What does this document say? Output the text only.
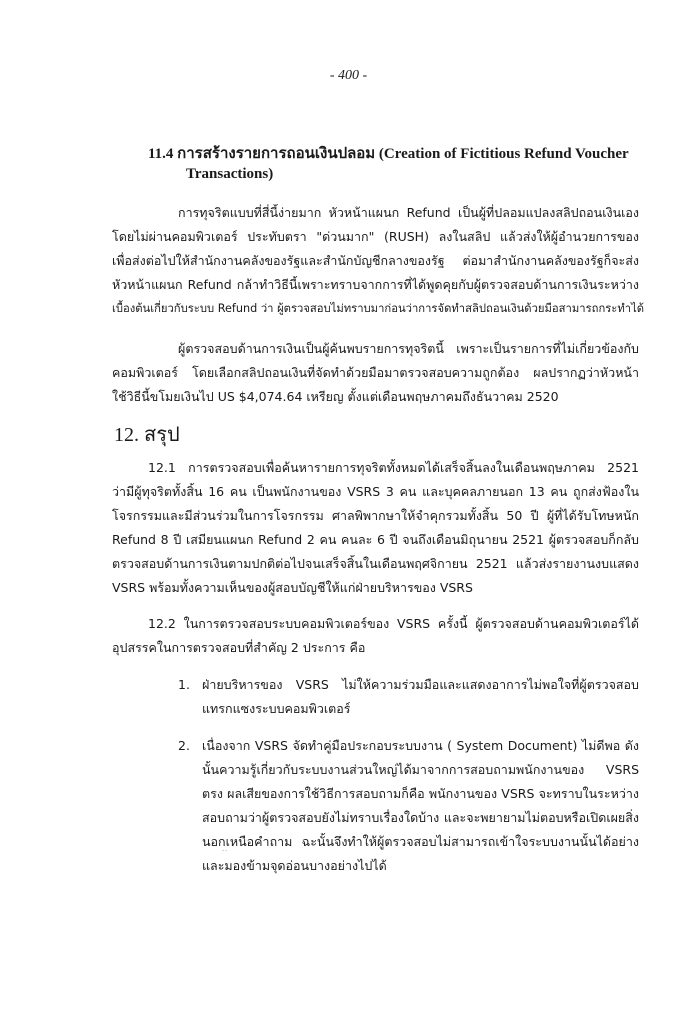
- 400 -
11.4 การสร้างรายการถอนเงินปลอม (Creation of Fictitious Refund Voucher
Transactions)
การทุจริตแบบที่สี่นี้ง่ายมาก หัวหน้าแผนก Refund เป็นผู้ที่ปลอมแปลงสลิปถอนเงินเอง
โดยไม่ผ่านคอมพิวเตอร์ ประทับตรา "ด่วนมาก" (RUSH) ลงในสลิป แล้วส่งให้ผู้อำนวยการของ
เพื่อส่งต่อไปให้สำนักงานคลังของรัฐและสำนักบัญชีกลางของรัฐ ต่อมาสำนักงานคลังของรัฐก็จะส่ง
หัวหน้าแผนก Refund กล้าทำวิธีนี้เพราะทราบจากการที่ได้พูดคุยกับผู้ตรวจสอบด้านการเงินระหว่าง
เบื้องต้นเกี่ยวกับระบบ Refund ว่า ผู้ตรวจสอบไม่ทราบมาก่อนว่าการจัดทำสลิปถอนเงินด้วยมือสามารถกระทำได้
ผู้ตรวจสอบด้านการเงินเป็นผู้ค้นพบรายการทุจริตนี้ เพราะเป็นรายการที่ไม่เกี่ยวข้องกับ
คอมพิวเตอร์ โดยเลือกสลิปถอนเงินที่จัดทำด้วยมือมาตรวจสอบความถูกต้อง ผลปรากฏว่าหัวหน้า
ใช้วิธีนี้ขโมยเงินไป US $4,074.64 เหรียญ ตั้งแต่เดือนพฤษภาคมถึงธันวาคม 2520
12. สรุป
12.1 การตรวจสอบเพื่อค้นหารายการทุจริตทั้งหมดได้เสร็จสิ้นลงในเดือนพฤษภาคม 2521
ว่ามีผู้ทุจริตทั้งสิ้น 16 คน เป็นพนักงานของ VSRS 3 คน และบุคคลภายนอก 13 คน ถูกส่งฟ้องใน
โจรกรรมและมีส่วนร่วมในการโจรกรรม ศาลพิพากษาให้จำคุกรวมทั้งสิ้น 50 ปี ผู้ที่ได้รับโทษหนัก
Refund 8 ปี เสมียนแผนก Refund 2 คน คนละ 6 ปี จนถึงเดือนมิถุนายน 2521 ผู้ตรวจสอบก็กลับ
ตรวจสอบด้านการเงินตามปกติต่อไปจนเสร็จสิ้นในเดือนพฤศจิกายน 2521 แล้วส่งรายงานงบแสดง
VSRS พร้อมทั้งความเห็นของผู้สอบบัญชีให้แก่ฝ่ายบริหารของ VSRS
12.2 ในการตรวจสอบระบบคอมพิวเตอร์ของ VSRS ครั้งนี้ ผู้ตรวจสอบด้านคอมพิวเตอร์ได้
อุปสรรคในการตรวจสอบที่สำคัญ 2 ประการ คือ
1. ฝ่ายบริหารของ VSRS ไม่ให้ความร่วมมือและแสดงอาการไม่พอใจที่ผู้ตรวจสอบ
แทรกแซงระบบคอมพิวเตอร์
2. เนื่องจาก VSRS จัดทำคู่มือประกอบระบบงาน ( System Document) ไม่ดีพอ ดัง
นั้นความรู้เกี่ยวกับระบบงานส่วนใหญ่ได้มาจากการสอบถามพนักงานของ VSRS
ตรง ผลเสียของการใช้วิธีการสอบถามก็คือ พนักงานของ VSRS จะทราบในระหว่าง
สอบถามว่าผู้ตรวจสอบยังไม่ทราบเรื่องใดบ้าง และจะพยายามไม่ตอบหรือเปิดเผยสิ่ง
นอกเหนือคำถาม ฉะนั้นจึงทำให้ผู้ตรวจสอบไม่สามารถเข้าใจระบบงานนั้นได้อย่าง
และมองข้ามจุดอ่อนบางอย่างไปได้
